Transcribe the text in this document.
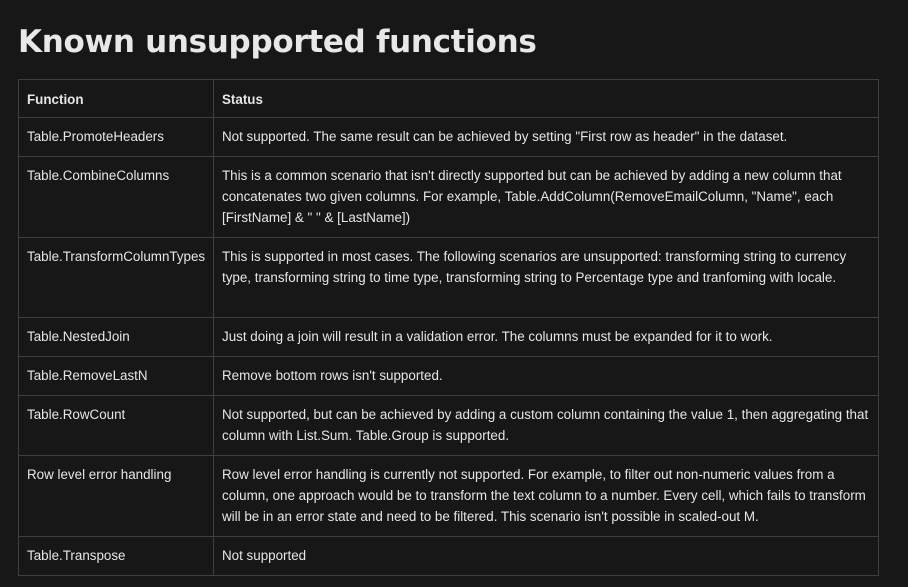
Known unsupported functions
Function	Status
Table.PromoteHeaders	Not supported. The same result can be achieved by setting "First row as header" in the dataset.
Table.CombineColumns	This is a common scenario that isn't directly supported but can be achieved by adding a new column that concatenates two given columns. For example, Table.AddColumn(RemoveEmailColumn, "Name", each [FirstName] & " " & [LastName])
Table.TransformColumnTypes	This is supported in most cases. The following scenarios are unsupported: transforming string to currency type, transforming string to time type, transforming string to Percentage type and tranfoming with locale.
Table.NestedJoin	Just doing a join will result in a validation error. The columns must be expanded for it to work.
Table.RemoveLastN	Remove bottom rows isn't supported.
Table.RowCount	Not supported, but can be achieved by adding a custom column containing the value 1, then aggregating that column with List.Sum. Table.Group is supported.
Row level error handling	Row level error handling is currently not supported. For example, to filter out non-numeric values from a column, one approach would be to transform the text column to a number. Every cell, which fails to transform will be in an error state and need to be filtered. This scenario isn't possible in scaled-out M.
Table.Transpose	Not supported
